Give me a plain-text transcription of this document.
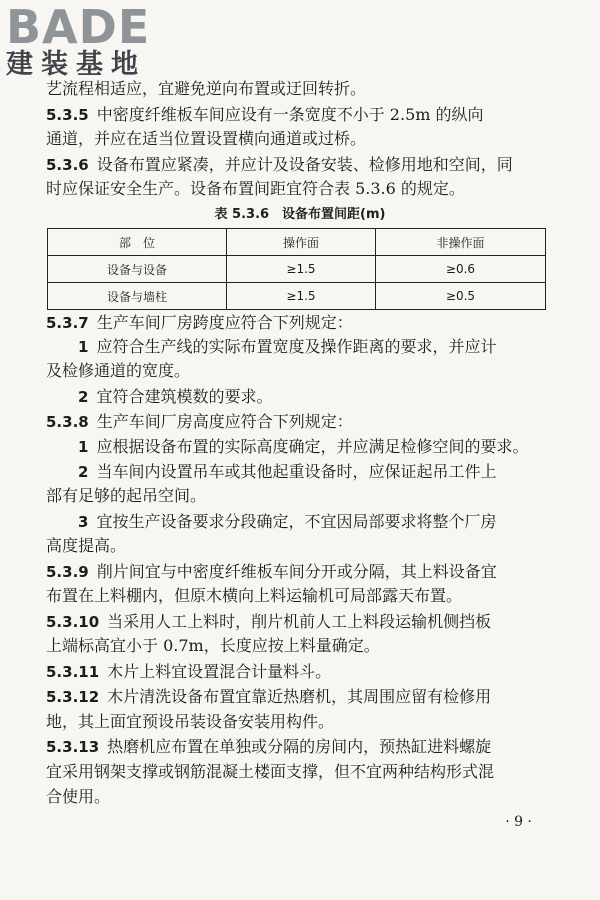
BADE
建装基地
艺流程相适应，宜避免逆向布置或迂回转折。
5.3.5 中密度纤维板车间应设有一条宽度不小于 2.5m 的纵向
通道，并应在适当位置设置横向通道或过桥。
5.3.6 设备布置应紧凑，并应计及设备安装、检修用地和空间，同
时应保证安全生产。设备布置间距宜符合表 5.3.6 的规定。
表 5.3.6　设备布置间距(m)
部　位	操作面	非操作面
设备与设备	≥1.5	≥0.6
设备与墙柱	≥1.5	≥0.5
5.3.7 生产车间厂房跨度应符合下列规定：
1 应符合生产线的实际布置宽度及操作距离的要求，并应计
及检修通道的宽度。
2 宜符合建筑模数的要求。
5.3.8 生产车间厂房高度应符合下列规定：
1 应根据设备布置的实际高度确定，并应满足检修空间的要求。
2 当车间内设置吊车或其他起重设备时，应保证起吊工件上
部有足够的起吊空间。
3 宜按生产设备要求分段确定，不宜因局部要求将整个厂房
高度提高。
5.3.9 削片间宜与中密度纤维板车间分开或分隔，其上料设备宜
布置在上料棚内，但原木横向上料运输机可局部露天布置。
5.3.10 当采用人工上料时，削片机前人工上料段运输机侧挡板
上端标高宜小于 0.7m，长度应按上料量确定。
5.3.11 木片上料宜设置混合计量料斗。
5.3.12 木片清洗设备布置宜靠近热磨机，其周围应留有检修用
地，其上面宜预设吊装设备安装用构件。
5.3.13 热磨机应布置在单独或分隔的房间内，预热缸进料螺旋
宜采用钢架支撑或钢筋混凝土楼面支撑，但不宜两种结构形式混
合使用。
· 9 ·
